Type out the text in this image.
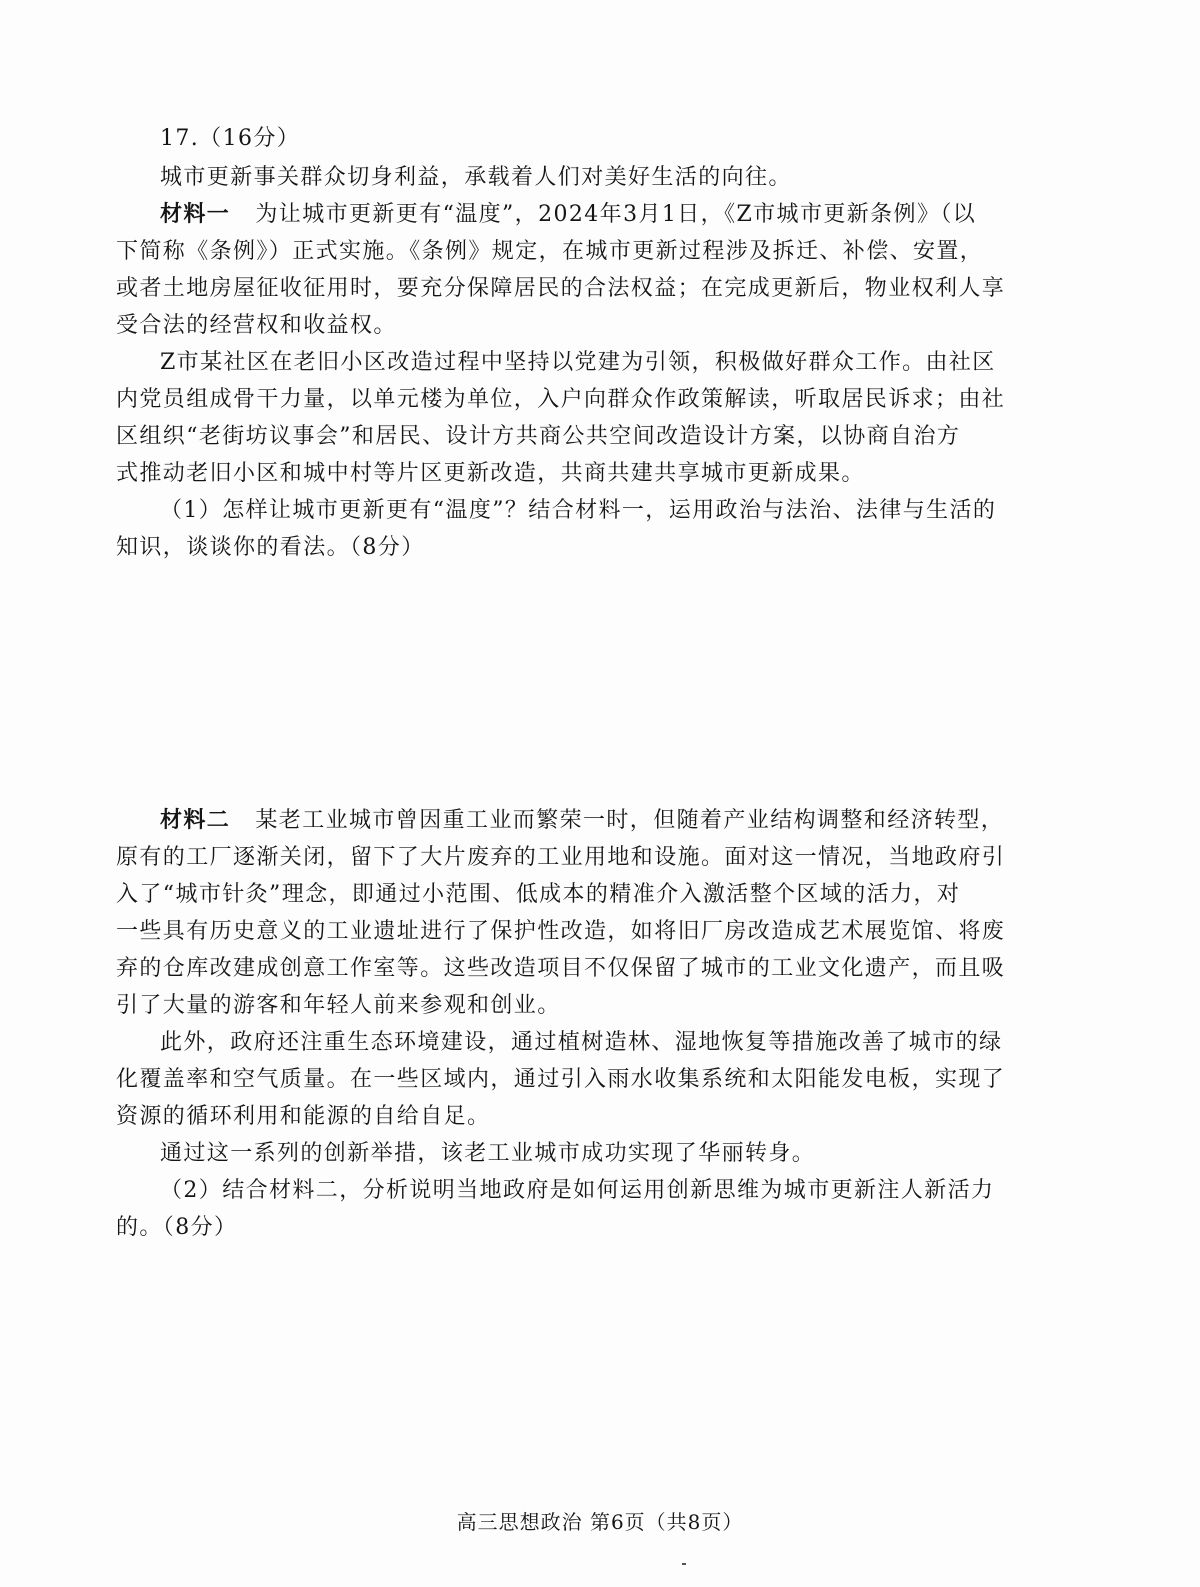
17.（16分）
城市更新事关群众切身利益，承载着人们对美好生活的向往。
材料一 为让城市更新更有“温度”，2024年3月1日，《Z市城市更新条例》（以
下简称《条例》）正式实施。《条例》规定，在城市更新过程涉及拆迁、补偿、安置，
或者土地房屋征收征用时，要充分保障居民的合法权益；在完成更新后，物业权利人享
受合法的经营权和收益权。
Z市某社区在老旧小区改造过程中坚持以党建为引领，积极做好群众工作。由社区
内党员组成骨干力量，以单元楼为单位，入户向群众作政策解读，听取居民诉求；由社
区组织“老街坊议事会”和居民、设计方共商公共空间改造设计方案，以协商自治方
式推动老旧小区和城中村等片区更新改造，共商共建共享城市更新成果。
（1）怎样让城市更新更有“温度”？结合材料一，运用政治与法治、法律与生活的
知识，谈谈你的看法。（8分）
材料二 某老工业城市曾因重工业而繁荣一时，但随着产业结构调整和经济转型，
原有的工厂逐渐关闭，留下了大片废弃的工业用地和设施。面对这一情况，当地政府引
入了“城市针灸”理念，即通过小范围、低成本的精准介入激活整个区域的活力，对
一些具有历史意义的工业遗址进行了保护性改造，如将旧厂房改造成艺术展览馆、将废
弃的仓库改建成创意工作室等。这些改造项目不仅保留了城市的工业文化遗产，而且吸
引了大量的游客和年轻人前来参观和创业。
此外，政府还注重生态环境建设，通过植树造林、湿地恢复等措施改善了城市的绿
化覆盖率和空气质量。在一些区域内，通过引入雨水收集系统和太阳能发电板，实现了
资源的循环利用和能源的自给自足。
通过这一系列的创新举措，该老工业城市成功实现了华丽转身。
（2）结合材料二，分析说明当地政府是如何运用创新思维为城市更新注人新活力
的。（8分）
高三思想政治 第6页（共8页）
